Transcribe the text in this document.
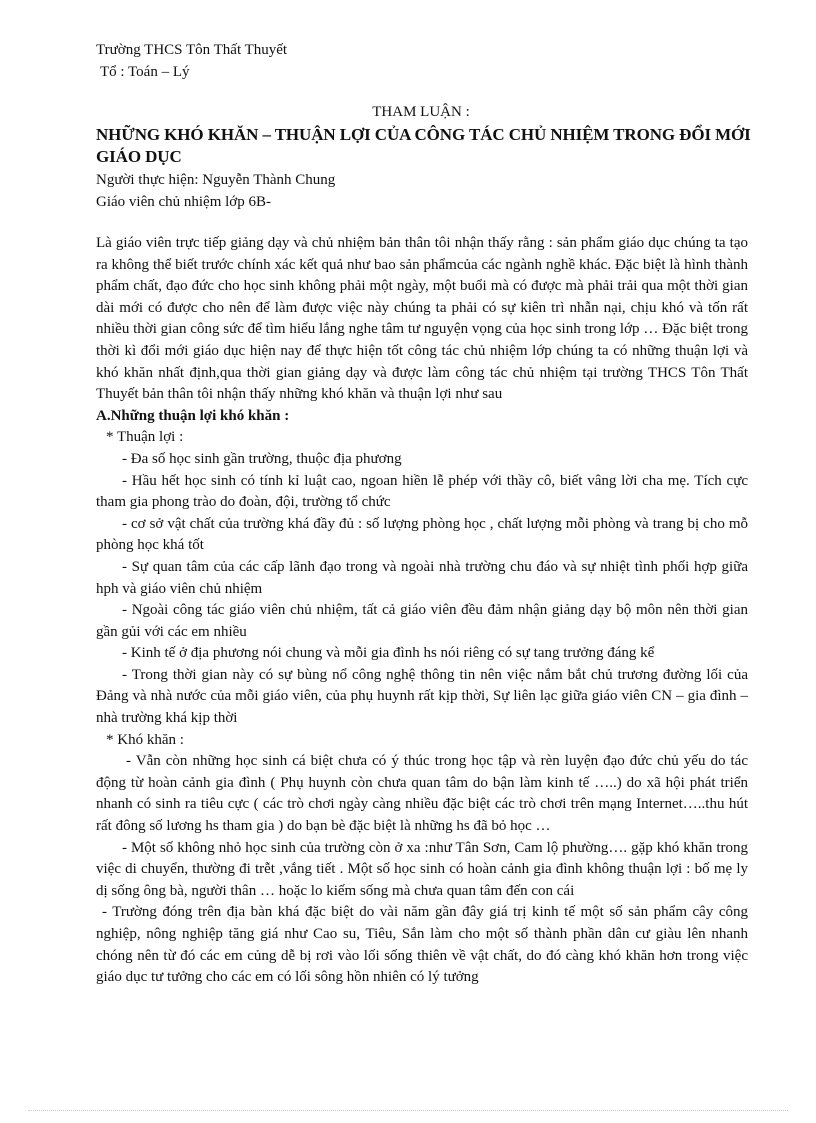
Trường THCS Tôn Thất Thuyết
Tổ : Toán – Lý
THAM LUẬN :
NHỮNG KHÓ KHĂN – THUẬN LỢI CỦA CÔNG TÁC CHỦ NHIỆM TRONG ĐỔI MỚI GIÁO DỤC
Người thực hiện: Nguyễn Thành Chung
Giáo viên chủ nhiệm lớp 6B-

Là giáo viên trực tiếp giảng dạy và chủ nhiệm bản thân tôi nhận thấy rằng : sản phẩm giáo dục chúng ta tạo ra không thể biết trước chính xác kết quả như bao sản phẩmcủa các ngành nghề khác. Đặc biệt là hình thành phẩm chất, đạo đức cho học sinh không phải một ngày, một buổi mà có được mà phải trải qua một thời gian dài mới có được cho nên để làm được việc này chúng ta phải có sự kiên trì nhẫn nại, chịu khó và tốn rất nhiều thời gian công sức để tìm hiểu lắng nghe tâm tư nguyện vọng của học sinh trong lớp … Đặc biệt trong thời kì đổi mới giáo dục hiện nay để thực hiện tốt công tác chủ nhiệm lớp chúng ta có những thuận lợi và khó khăn nhất định,qua thời gian giảng dạy và được làm công tác chủ nhiệm tại trường THCS Tôn Thất Thuyết bản thân tôi nhận thấy những khó khăn và thuận lợi như sau

A.Những thuận lợi khó khăn :

* Thuận lợi :

- Đa số học sinh gần trường, thuộc địa phương

- Hầu hết học sinh có tính kỉ luật cao, ngoan hiền lễ phép với thầy cô, biết vâng lời cha mẹ. Tích cực tham gia phong trào do đoàn, đội, trường tổ chức

- cơ sở vật chất của trường khá đầy đủ : số lượng phòng học , chất lượng mỗi phòng và trang bị cho mỗ phòng học khá tốt

- Sự quan tâm của các cấp lãnh đạo trong và ngoài nhà trường chu đáo và sự nhiệt tình phối hợp giữa hph và giáo viên chủ nhiệm

- Ngoài công tác giáo viên chủ nhiệm, tất cả giáo viên đều đảm nhận giảng dạy bộ môn nên thời gian gần gủi với các em nhiều

- Kinh tế ở địa phương nói chung và mỗi gia đình hs nói riêng có sự tang trưởng đáng kể

- Trong thời gian này có sự bùng nổ công nghệ thông tin nên việc nắm bắt chủ trương đường lối của Đảng và nhà nước của mỗi giáo viên, của phụ huynh rất kịp thời, Sự liên lạc giữa giáo viên CN – gia đình – nhà trường khá kịp thời

* Khó khăn :

- Vẫn còn những học sinh cá biệt chưa có ý thúc trong học tập và rèn luyện đạo đức chủ yếu do tác động từ hoàn cảnh gia đình ( Phụ huynh còn chưa quan tâm do bận làm kinh tế …..) do xã hội phát triển nhanh có sinh ra tiêu cực ( các trò chơi ngày càng nhiều đặc biệt các trò chơi trên mạng Internet…..thu hút rất đông số lương hs tham gia ) do bạn bè đặc biệt là những hs đã bỏ học …

- Một số không nhỏ học sinh của trường còn ở xa :như Tân Sơn, Cam lộ phường…. gặp khó khăn trong việc di chuyển, thường đi trễt ,vắng tiết . Một số học sinh có hoàn cảnh gia đình không thuận lợi : bố mẹ ly dị sống ông bà, người thân … hoặc lo kiếm sống mà chưa quan tâm đến con cái

- Trường đóng trên địa bàn khá đặc biệt do vài năm gần đây giá trị kinh tế một số sản phẩm cây công nghiệp, nông nghiệp tăng giá như Cao su, Tiêu, Sắn làm cho một số thành phần dân cư giàu lên nhanh chóng nên từ đó các em củng dễ bị rơi vào lối sống thiên về vật chất, do đó càng khó khăn hơn trong việc giáo dục tư tưởng cho các em có lối sông hồn nhiên có lý tưởng
